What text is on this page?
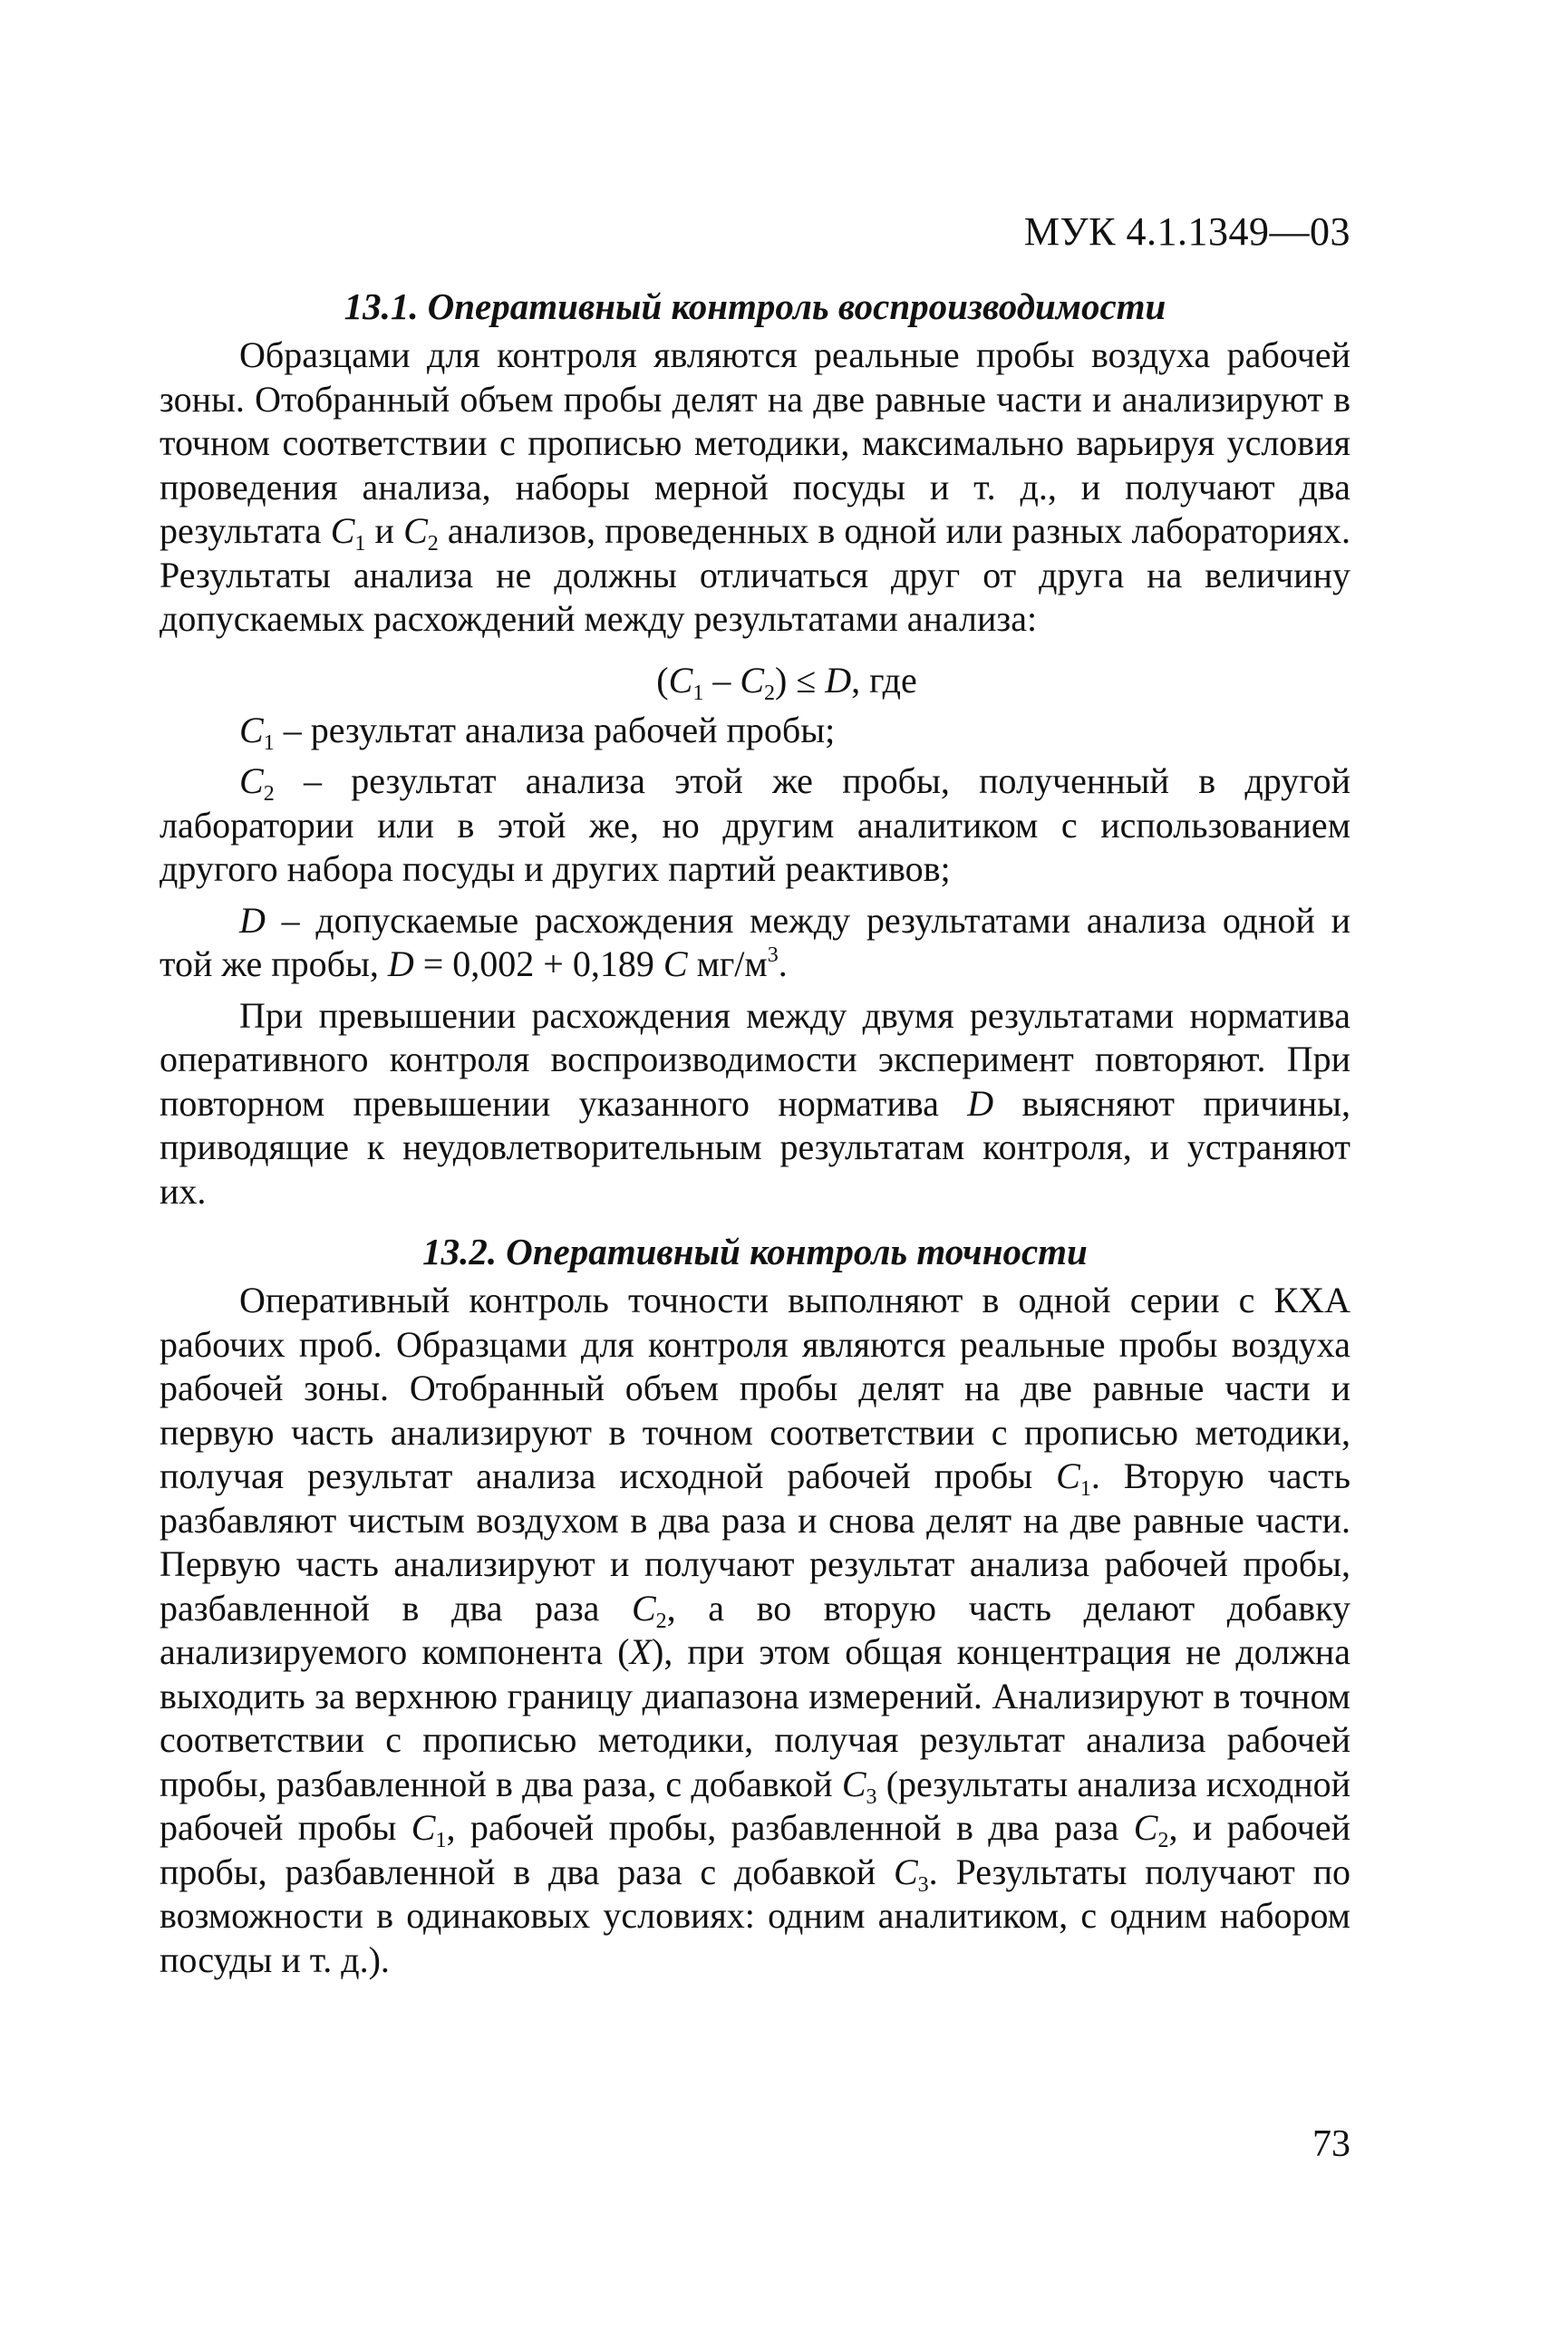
МУК 4.1.1349—03
13.1. Оперативный контроль воспроизводимости

Образцами для контроля являются реальные пробы воздуха рабочей зоны. Отобранный объем пробы делят на две равные части и анализируют в точном соответствии с прописью методики, максимально варьируя условия проведения анализа, наборы мерной посуды и т. д., и получают два результата $C_1$ и $C_2$ анализов, проведенных в одной или разных лабораториях. Результаты анализа не должны отличаться друг от друга на величину допускаемых расхождений между результатами анализа:

$(C_1 - C_2) \le D$, где

$C_1$ – результат анализа рабочей пробы;

$C_2$ – результат анализа этой же пробы, полученный в другой лаборатории или в этой же, но другим аналитиком с использованием другого набора посуды и других партий реактивов;

D – допускаемые расхождения между результатами анализа одной и той же пробы, D = 0,002 + 0,189 C $мг/м^3$.

При превышении расхождения между двумя результатами норматива оперативного контроля воспроизводимости эксперимент повторяют. При повторном превышении указанного норматива D выясняют причины, приводящие к неудовлетворительным результатам контроля, и устраняют их.

13.2. Оперативный контроль точности

Оперативный контроль точности выполняют в одной серии с КХА рабочих проб. Образцами для контроля являются реальные пробы воздуха рабочей зоны. Отобранный объем пробы делят на две равные части и первую часть анализируют в точном соответствии с прописью методики, получая результат анализа исходной рабочей пробы $C_1$. Вторую часть разбавляют чистым воздухом в два раза и снова делят на две равные части. Первую часть анализируют и получают результат анализа рабочей пробы, разбавленной в два раза $C_2$, а во вторую часть делают добавку анализируемого компонента (X), при этом общая концентрация не должна выходить за верхнюю границу диапазона измерений. Анализируют в точном соответствии с прописью методики, получая результат анализа рабочей пробы, разбавленной в два раза, с добавкой $C_3$ (результаты анализа исходной рабочей пробы $C_1$, рабочей пробы, разбавленной в два раза $C_2$, и рабочей пробы, разбавленной в два раза с добавкой $C_3$. Результаты получают по возможности в одинаковых условиях: одним аналитиком, с одним набором посуды и т. д.).

73
